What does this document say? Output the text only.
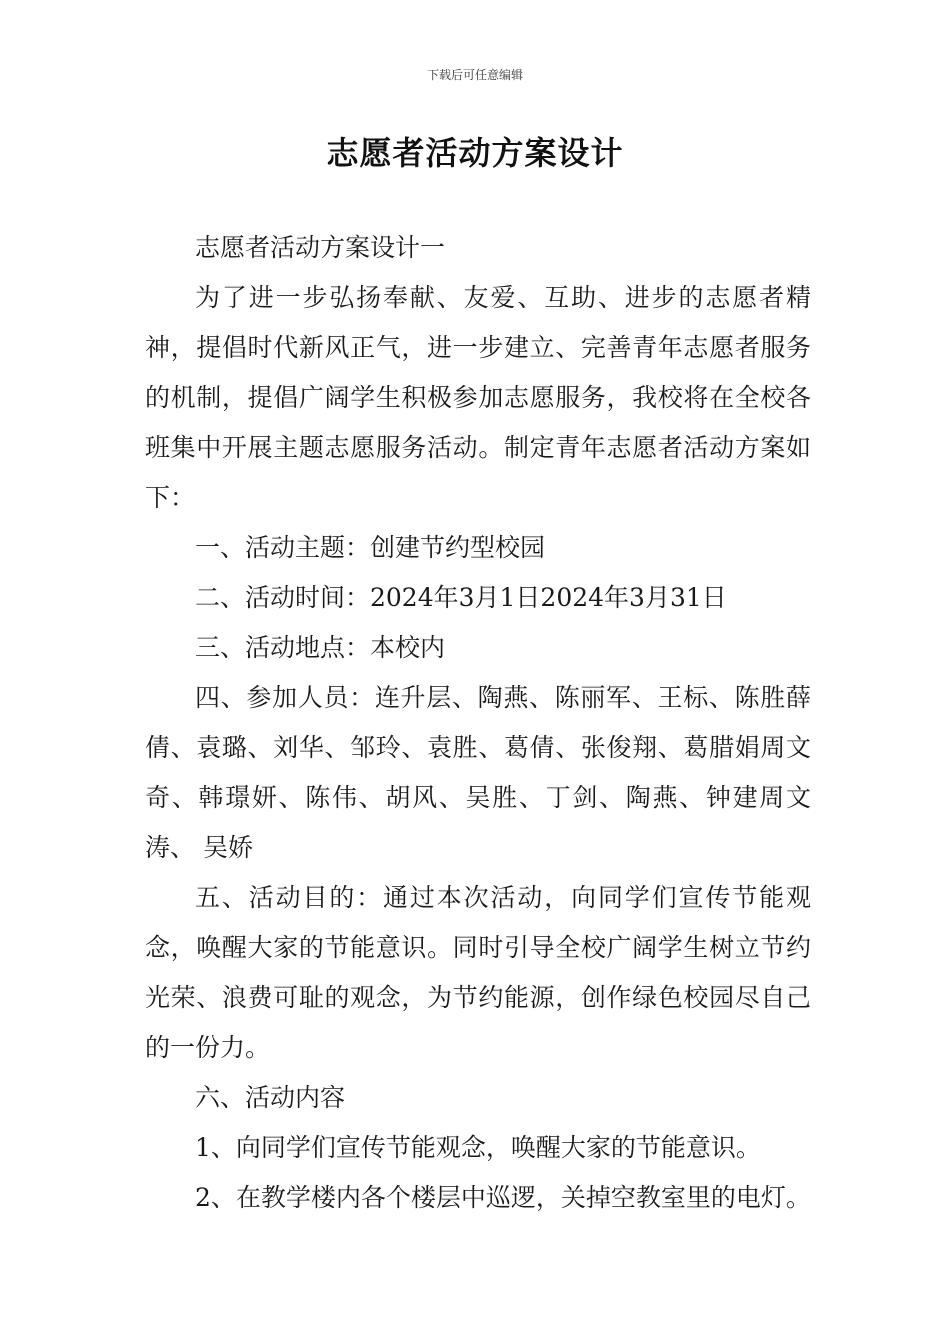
下载后可任意编辑
志愿者活动方案设计

志愿者活动方案设计一

为了进一步弘扬奉献、友爱、互助、进步的志愿者精神，提倡时代新风正气，进一步建立、完善青年志愿者服务的机制，提倡广阔学生积极参加志愿服务，我校将在全校各班集中开展主题志愿服务活动。制定青年志愿者活动方案如下：

一、活动主题：创建节约型校园

二、活动时间：2024年3月1日2024年3月31日

三、活动地点：本校内

四、参加人员：连升层、陶燕、陈丽军、王标、陈胜薛倩、袁璐、刘华、邹玲、袁胜、葛倩、张俊翔、葛腊娟周文奇、韩璟妍、陈伟、胡风、吴胜、丁剑、陶燕、钟建周文涛、 吴娇

五、活动目的：通过本次活动，向同学们宣传节能观念，唤醒大家的节能意识。同时引导全校广阔学生树立节约光荣、浪费可耻的观念，为节约能源，创作绿色校园尽自己的一份力。

六、活动内容

1、向同学们宣传节能观念，唤醒大家的节能意识。

2、在教学楼内各个楼层中巡逻，关掉空教室里的电灯。
